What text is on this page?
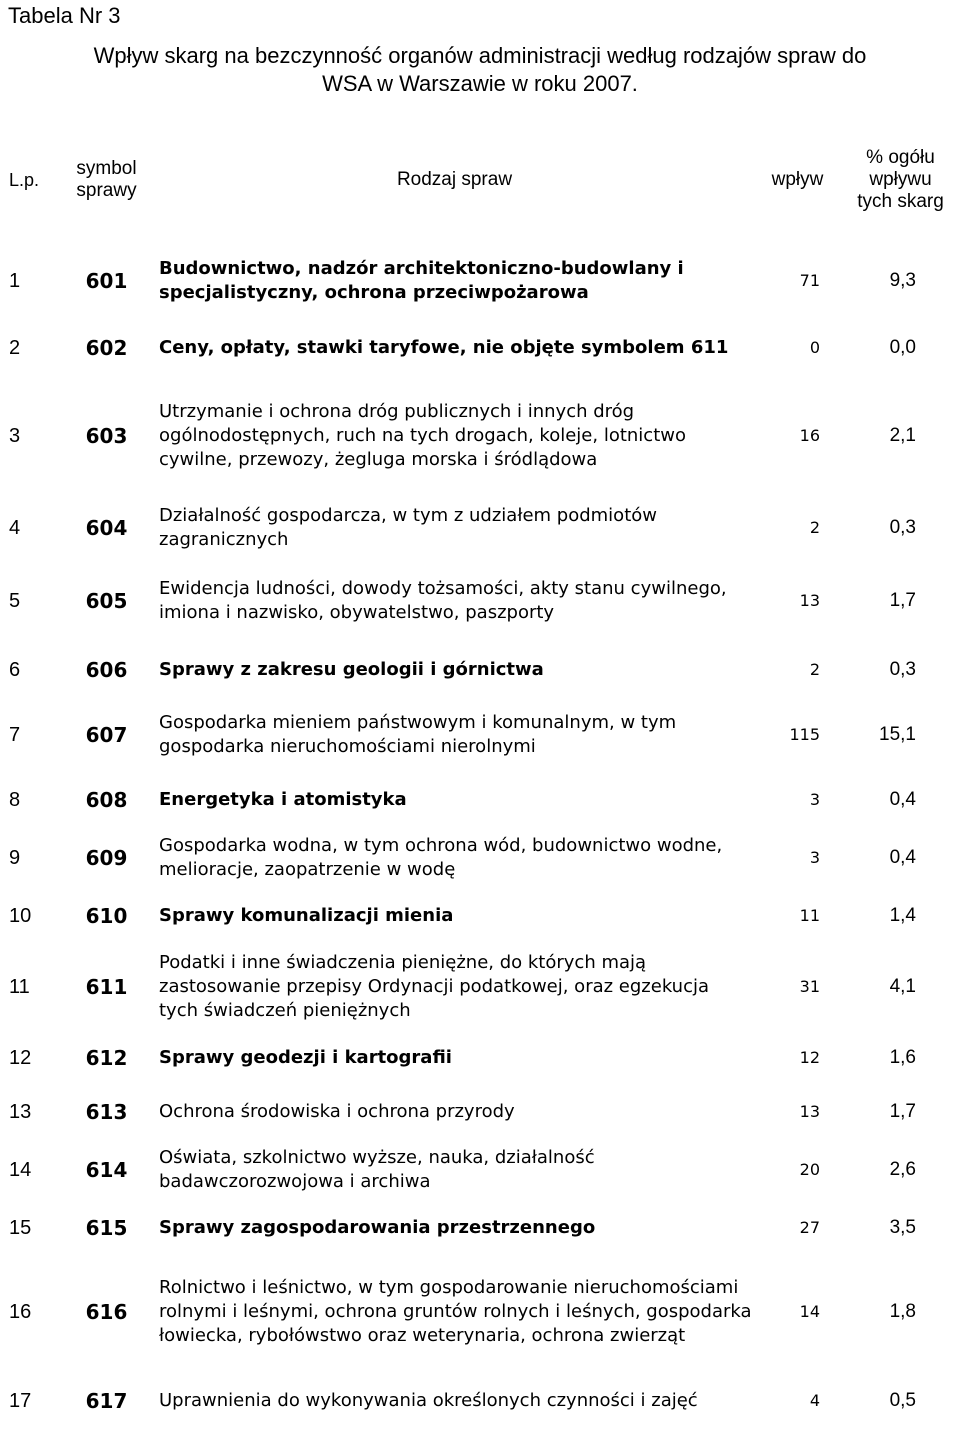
Tabela Nr 3
Wpływ skarg na bezczynność organów administracji według rodzajów spraw do
WSA w Warszawie w roku 2007.
L.p.	symbol sprawy	Rodzaj spraw	wpływ	% ogółu
wpływu
tych skarg

1	601	Budownictwo, nadzór architektoniczno-budowlany i specjalistyczny, ochrona przeciwpożarowa	71	9,3
2	602	Ceny, opłaty, stawki taryfowe, nie objęte symbolem 611	0	0,0
3	603	Utrzymanie i ochrona dróg publicznych i innych dróg ogólnodostępnych, ruch na tych drogach, koleje, lotnictwo cywilne, przewozy, żegluga morska i śródlądowa	16	2,1
4	604	Działalność gospodarcza, w tym z udziałem podmiotów zagranicznych	2	0,3
5	605	Ewidencja ludności, dowody tożsamości, akty stanu cywilnego, imiona i nazwisko, obywatelstwo, paszporty	13	1,7
6	606	Sprawy z zakresu geologii i górnictwa	2	0,3
7	607	Gospodarka mieniem państwowym i komunalnym, w tym gospodarka nieruchomościami nierolnymi	115	15,1
8	608	Energetyka i atomistyka	3	0,4
9	609	Gospodarka wodna, w tym ochrona wód, budownictwo wodne, melioracje, zaopatrzenie w wodę	3	0,4
10	610	Sprawy komunalizacji mienia	11	1,4
11	611	Podatki i inne świadczenia pieniężne, do których mają zastosowanie przepisy Ordynacji podatkowej, oraz egzekucja tych świadczeń pieniężnych	31	4,1
12	612	Sprawy geodezji i kartografii	12	1,6
13	613	Ochrona środowiska i ochrona przyrody	13	1,7
14	614	Oświata, szkolnictwo wyższe, nauka, działalność badawczorozwojowa i archiwa	20	2,6
15	615	Sprawy zagospodarowania przestrzennego	27	3,5
16	616	Rolnictwo i leśnictwo, w tym gospodarowanie nieruchomościami rolnymi i leśnymi, ochrona gruntów rolnych i leśnych, gospodarka łowiecka, rybołówstwo oraz weterynaria, ochrona zwierząt	14	1,8
17	617	Uprawnienia do wykonywania określonych czynności i zajęć	4	0,5
